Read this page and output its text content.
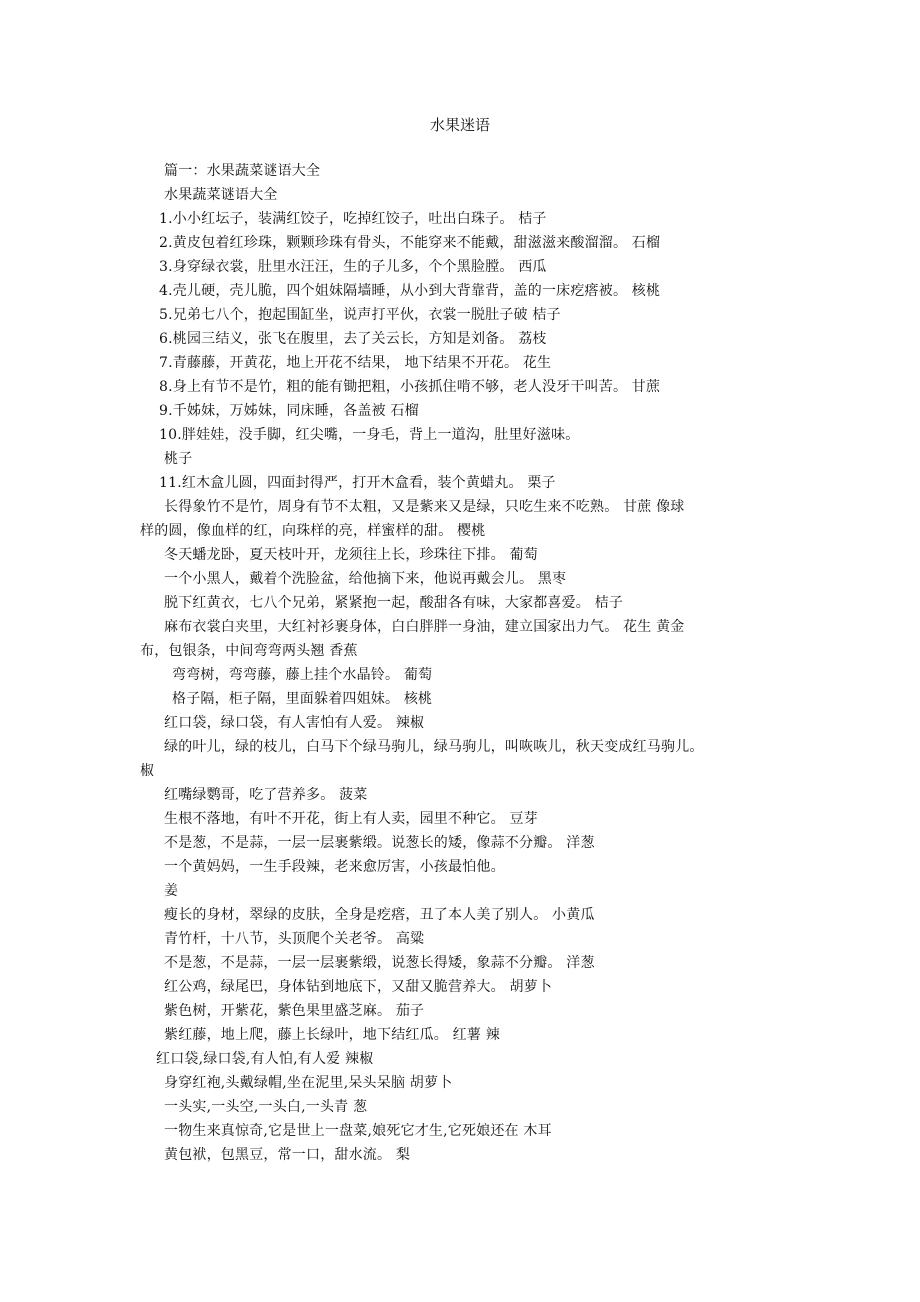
水果迷语
篇一：水果蔬菜谜语大全
水果蔬菜谜语大全
1.小小红坛子，装满红饺子，吃掉红饺子，吐出白珠子。 桔子
2.黄皮包着红珍珠，颗颗珍珠有骨头，不能穿来不能戴，甜滋滋来酸溜溜。 石榴
3.身穿绿衣裳，肚里水汪汪，生的子儿多，个个黑脸膛。 西瓜
4.壳儿硬，壳儿脆，四个姐妹隔墙睡，从小到大背靠背，盖的一床疙瘩被。 核桃
5.兄弟七八个，抱起围缸坐，说声打平伙，衣裳一脱肚子破 桔子
6.桃园三结义，张飞在腹里，去了关云长，方知是刘备。 荔枝
7.青藤藤，开黄花，地上开花不结果， 地下结果不开花。 花生
8.身上有节不是竹，粗的能有锄把粗，小孩抓住啃不够，老人没牙干叫苦。 甘蔗
9.千姊妹，万姊妹，同床睡，各盖被 石榴
10.胖娃娃，没手脚，红尖嘴，一身毛，背上一道沟，肚里好滋味。
桃子
11.红木盒儿圆，四面封得严，打开木盒看，装个黄蜡丸。 栗子
长得象竹不是竹，周身有节不太粗，又是紫来又是绿，只吃生来不吃熟。 甘蔗 像球
样的圆，像血样的红，向珠样的亮，样蜜样的甜。 樱桃
冬天蟠龙卧，夏天枝叶开，龙须往上长，珍珠往下排。 葡萄
一个小黑人，戴着个洗脸盆，给他摘下来，他说再戴会儿。 黑枣
脱下红黄衣，七八个兄弟，紧紧抱一起，酸甜各有味，大家都喜爱。 桔子
麻布衣裳白夹里，大红衬衫裹身体，白白胖胖一身油，建立国家出力气。 花生 黄金
布，包银条，中间弯弯两头翘 香蕉
弯弯树，弯弯藤，藤上挂个水晶铃。 葡萄
格子隔，柜子隔，里面躲着四姐妹。 核桃
红口袋，绿口袋，有人害怕有人爱。 辣椒
绿的叶儿，绿的枝儿，白马下个绿马驹儿，绿马驹儿，叫咴咴儿，秋天变成红马驹儿。
椒
红嘴绿鹦哥，吃了营养多。 菠菜
生根不落地，有叶不开花，街上有人卖，园里不种它。 豆芽
不是葱，不是蒜，一层一层裹紫缎。说葱长的矮，像蒜不分瓣。 洋葱
一个黄妈妈，一生手段辣，老来愈厉害，小孩最怕他。
姜
瘦长的身材，翠绿的皮肤，全身是疙瘩，丑了本人美了别人。 小黄瓜
青竹杆，十八节，头顶爬个关老爷。 高粱
不是葱，不是蒜，一层一层裹紫缎，说葱长得矮，象蒜不分瓣。 洋葱
红公鸡，绿尾巴，身体钻到地底下，又甜又脆营养大。 胡萝卜
紫色树，开紫花，紫色果里盛芝麻。 茄子
紫红藤，地上爬，藤上长绿叶，地下结红瓜。 红薯 辣
红口袋,绿口袋,有人怕,有人爱 辣椒
身穿红袍,头戴绿帽,坐在泥里,呆头呆脑 胡萝卜
一头实,一头空,一头白,一头青 葱
一物生来真惊奇,它是世上一盘菜,娘死它才生,它死娘还在 木耳
黄包袱，包黑豆，常一口，甜水流。 梨
